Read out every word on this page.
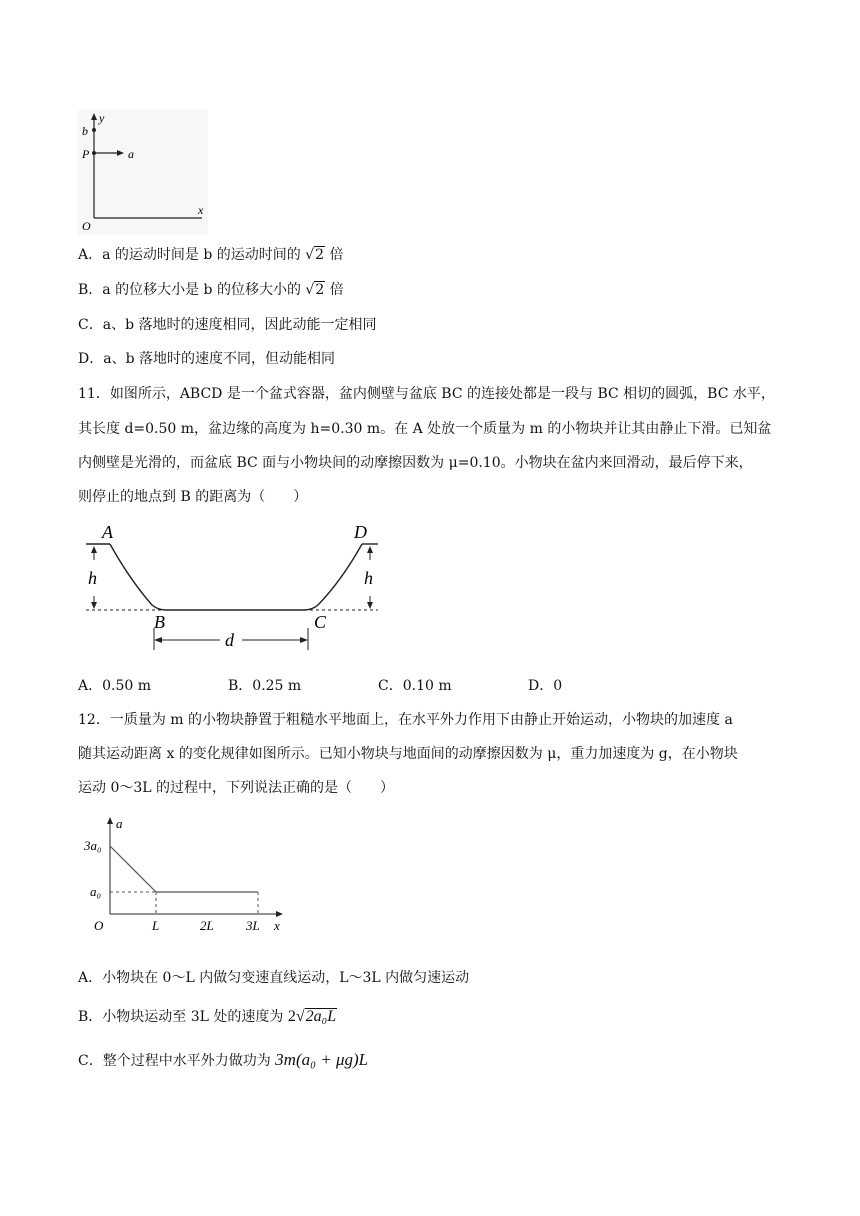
y
b
P	a
x
O
A．a 的运动时间是 b 的运动时间的 √2 倍
B．a 的位移大小是 b 的位移大小的 √2 倍
C．a、b 落地时的速度相同，因此动能一定相同
D．a、b 落地时的速度不同，但动能相同
11．如图所示，ABCD 是一个盆式容器，盆内侧壁与盆底 BC 的连接处都是一段与 BC 相切的圆弧，BC 水平，
其长度 d=0.50 m，盆边缘的高度为 h=0.30 m。在 A 处放一个质量为 m 的小物块并让其由静止下滑。已知盆
内侧壁是光滑的，而盆底 BC 面与小物块间的动摩擦因数为 μ=0.10。小物块在盆内来回滑动，最后停下来，
则停止的地点到 B 的距离为（　　）
A	D
h	h
B	C
d
A．0.50 m	B．0.25 m	C．0.10 m	D．0
12．一质量为 m 的小物块静置于粗糙水平地面上，在水平外力作用下由静止开始运动，小物块的加速度 a
随其运动距离 x 的变化规律如图所示。已知小物块与地面间的动摩擦因数为 μ，重力加速度为 g，在小物块
运动 0～3L 的过程中，下列说法正确的是（　　）
a
3a₀
a₀
O	L	2L 3L x
A．小物块在 0～L 内做匀变速直线运动，L～3L 内做匀速运动
B．小物块运动至 3L 处的速度为 2√2a₀L
C．整个过程中水平外力做功为 3m(a₀ + μg)L
